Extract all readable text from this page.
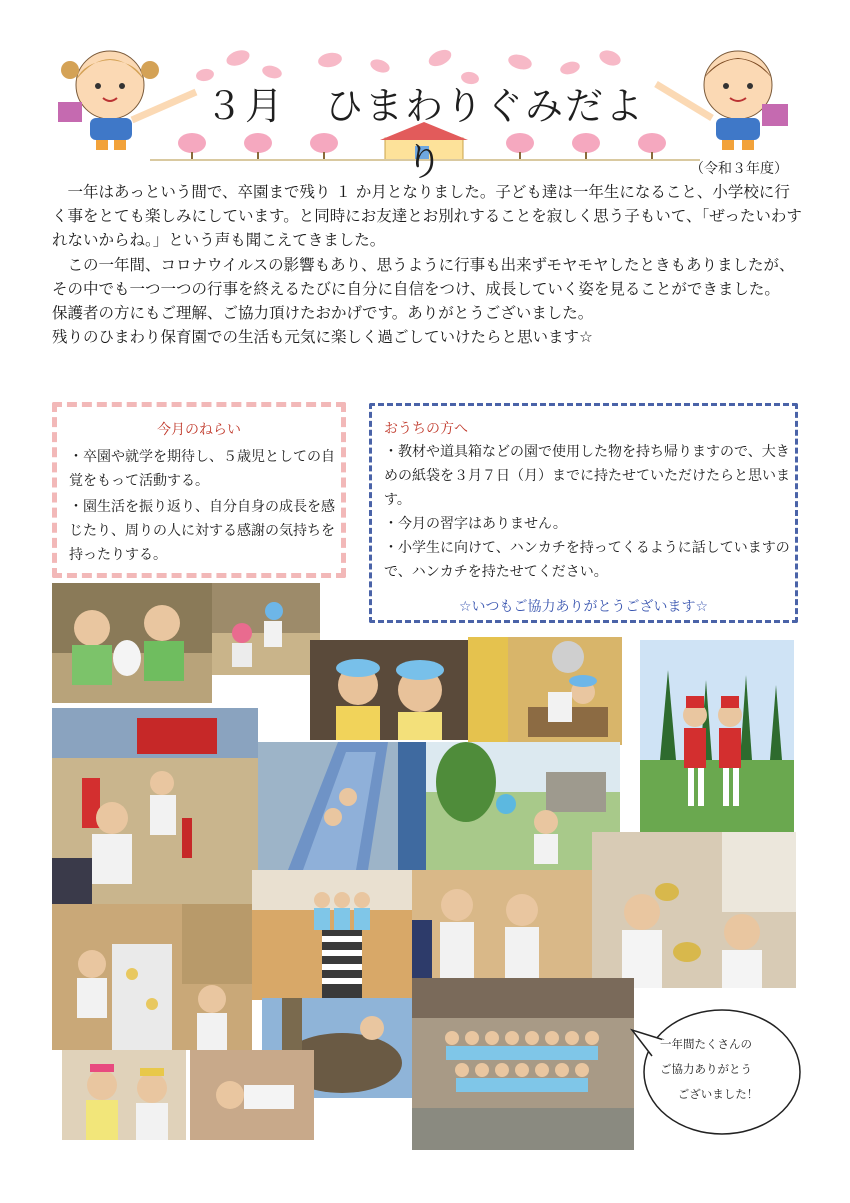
３月　ひまわりぐみだより	（令和３年度）

一年はあっという間で、卒園まで残り １ か月となりました。子ども達は一年生になること、小学校に行く事をとても楽しみにしています。と同時にお友達とお別れすることを寂しく思う子もいて、「ぜったいわすれないからね。」という声も聞こえてきました。

この一年間、コロナウイルスの影響もあり、思うように行事も出来ずモヤモヤしたときもありましたが、その中でも一つ一つの行事を終えるたびに自分に自信をつけ、成長していく姿を見ることができました。

保護者の方にもご理解、ご協力頂けたおかげです。ありがとうございました。

残りのひまわり保育園での生活も元気に楽しく過ごしていけたらと思います☆

今月のねらい

・卒園や就学を期待し、５歳児としての自覚をもって活動する。

・園生活を振り返り、自分自身の成長を感じたり、周りの人に対する感謝の気持ちを持ったりする。

おうちの方へ

・教材や道具箱などの園で使用した物を持ち帰りますので、大きめの紙袋を３月７日（月）までに持たせていただけたらと思います。

・今月の習字はありません。

・小学生に向けて、ハンカチを持ってくるように話していますので、ハンカチを持たせてください。

☆いつもご協力ありがとうございます☆
一年間たくさんの
ご協力ありがとう
ございました！
